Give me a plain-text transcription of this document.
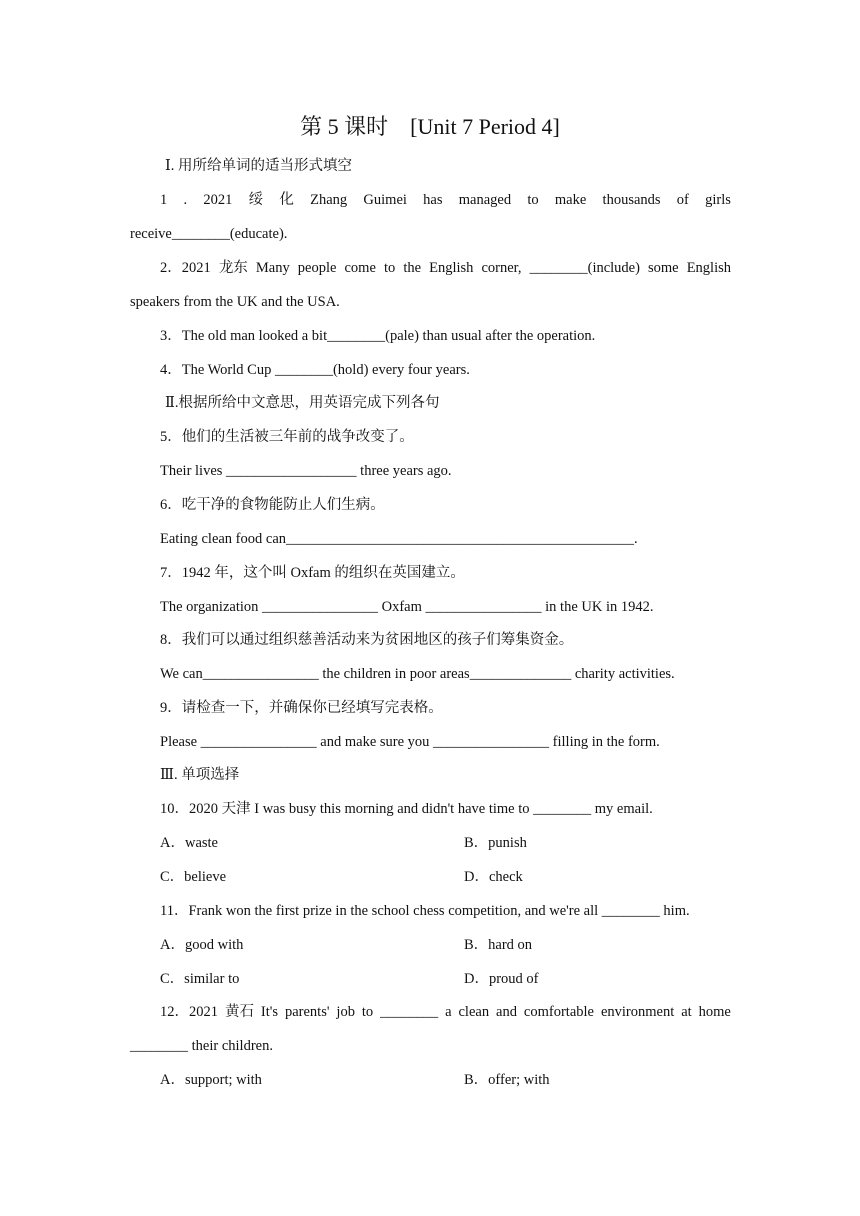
第 5 课时 [Unit 7 Period 4]
Ⅰ. 用所给单词的适当形式填空
1 . 2021 绥 化 Zhang Guimei has managed to make thousands of girls
receive________(educate).
2．2021 龙东 Many people come to the English corner, ________(include) some English
speakers from the UK and the USA.
3．The old man looked a bit________(pale) than usual after the operation.
4．The World Cup ________(hold) every four years.
Ⅱ.根据所给中文意思，用英语完成下列各句
5．他们的生活被三年前的战争改变了。
Their lives __________________ three years ago.
6．吃干净的食物能防止人们生病。
Eating clean food can________________________________________________.
7．1942 年，这个叫 Oxfam 的组织在英国建立。
The organization ________________ Oxfam ________________ in the UK in 1942.
8．我们可以通过组织慈善活动来为贫困地区的孩子们筹集资金。
We can________________ the children in poor areas______________ charity activities.
9．请检查一下，并确保你已经填写完表格。
Please ________________ and make sure you ________________ filling in the form.
Ⅲ. 单项选择
10．2020 天津 I was busy this morning and didn't have time to ________ my email.
A．waste	B．punish
C．believe	D．check
11．Frank won the first prize in the school chess competition, and we're all ________ him.
A．good with	B．hard on
C．similar to	D．proud of
12．2021 黄石 It's parents' job to ________ a clean and comfortable environment at home
________ their children.
A．support; with	B．offer; with
